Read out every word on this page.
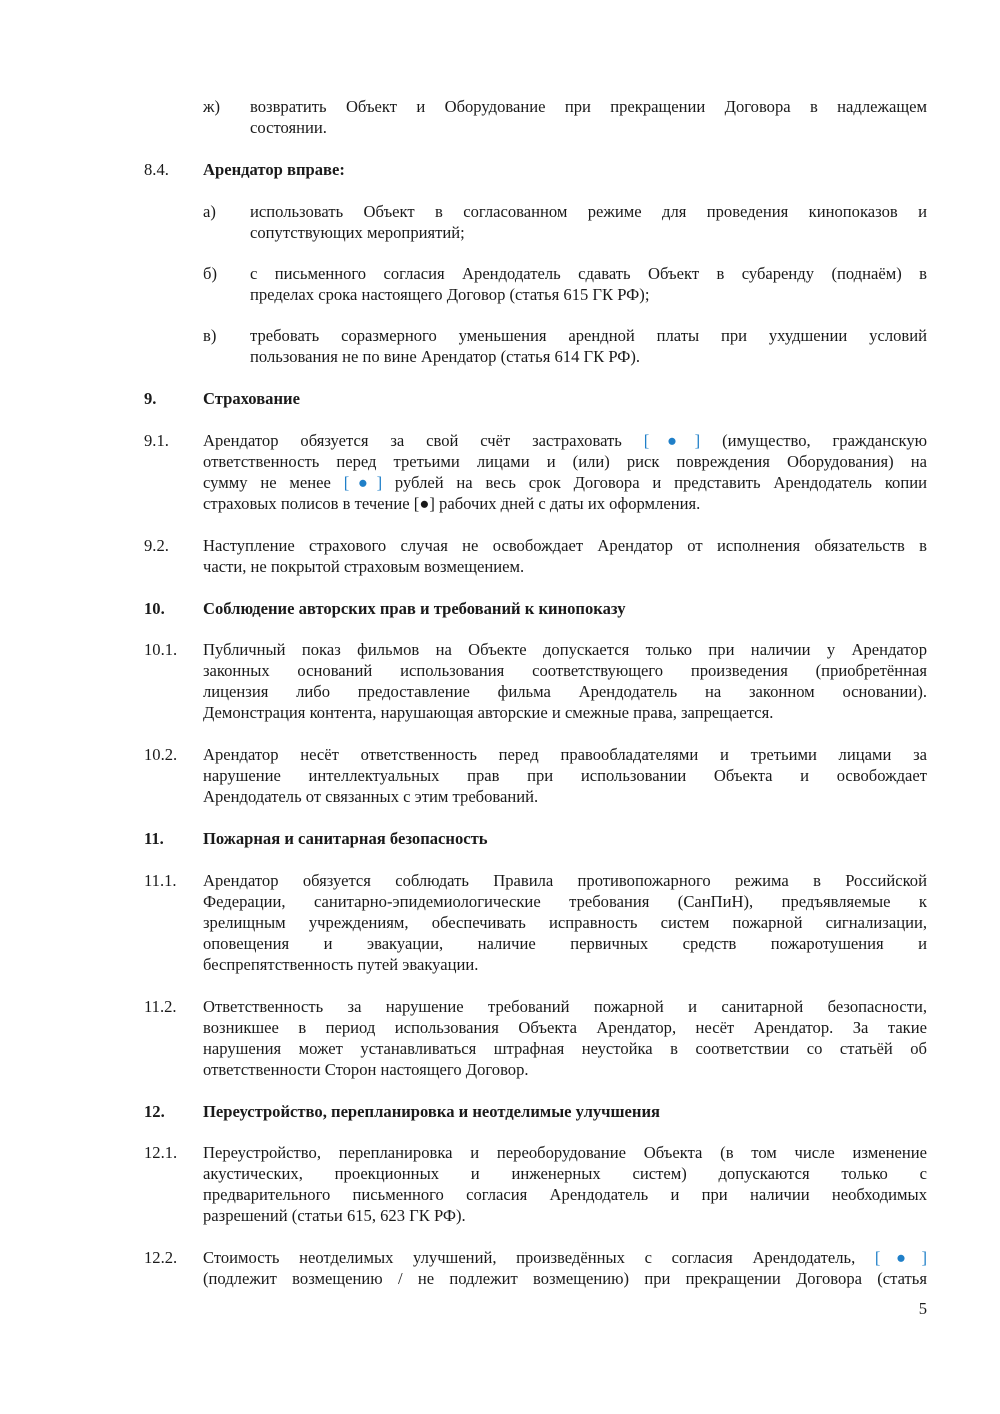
ж) возвратить Объект и Оборудование при прекращении Договора в надлежащем
состоянии.
8.4. Арендатор вправе:
а) использовать Объект в согласованном режиме для проведения кинопоказов и
сопутствующих мероприятий;
б) с письменного согласия Арендодатель сдавать Объект в субаренду (поднаём) в
пределах срока настоящего Договор (статья 615 ГК РФ);
в) требовать соразмерного уменьшения арендной платы при ухудшении условий
пользования не по вине Арендатор (статья 614 ГК РФ).
9.	Страхование
9.1. Арендатор обязуется за свой счёт застраховать [●] (имущество, гражданскую
ответственность перед третьими лицами и (или) риск повреждения Оборудования) на
сумму не менее [●] рублей на весь срок Договора и представить Арендодатель копии
страховых полисов в течение [●] рабочих дней с даты их оформления.
9.2. Наступление страхового случая не освобождает Арендатор от исполнения обязательств в
части, не покрытой страховым возмещением.
10. Соблюдение авторских прав и требований к кинопоказу
10.1. Публичный показ фильмов на Объекте допускается только при наличии у Арендатор
законных оснований использования соответствующего произведения (приобретённая
лицензия либо предоставление фильма Арендодатель на законном основании).
Демонстрация контента, нарушающая авторские и смежные права, запрещается.
10.2. Арендатор несёт ответственность перед правообладателями и третьими лицами за
нарушение интеллектуальных прав при использовании Объекта и освобождает
Арендодатель от связанных с этим требований.
11. Пожарная и санитарная безопасность
11.1. Арендатор обязуется соблюдать Правила противопожарного режима в Российской
Федерации, санитарно-эпидемиологические требования (СанПиН), предъявляемые к
зрелищным учреждениям, обеспечивать исправность систем пожарной сигнализации,
оповещения и эвакуации, наличие первичных средств пожаротушения и
беспрепятственность путей эвакуации.
11.2. Ответственность за нарушение требований пожарной и санитарной безопасности,
возникшее в период использования Объекта Арендатор, несёт Арендатор. За такие
нарушения может устанавливаться штрафная неустойка в соответствии со статьёй об
ответственности Сторон настоящего Договор.
12. Переустройство, перепланировка и неотделимые улучшения
12.1. Переустройство, перепланировка и переоборудование Объекта (в том числе изменение
акустических, проекционных и инженерных систем) допускаются только с
предварительного письменного согласия Арендодатель и при наличии необходимых
разрешений (статьи 615, 623 ГК РФ).
12.2. Стоимость неотделимых улучшений, произведённых с согласия Арендодатель, [●]
(подлежит возмещению / не подлежит возмещению) при прекращении Договора (статья
5
